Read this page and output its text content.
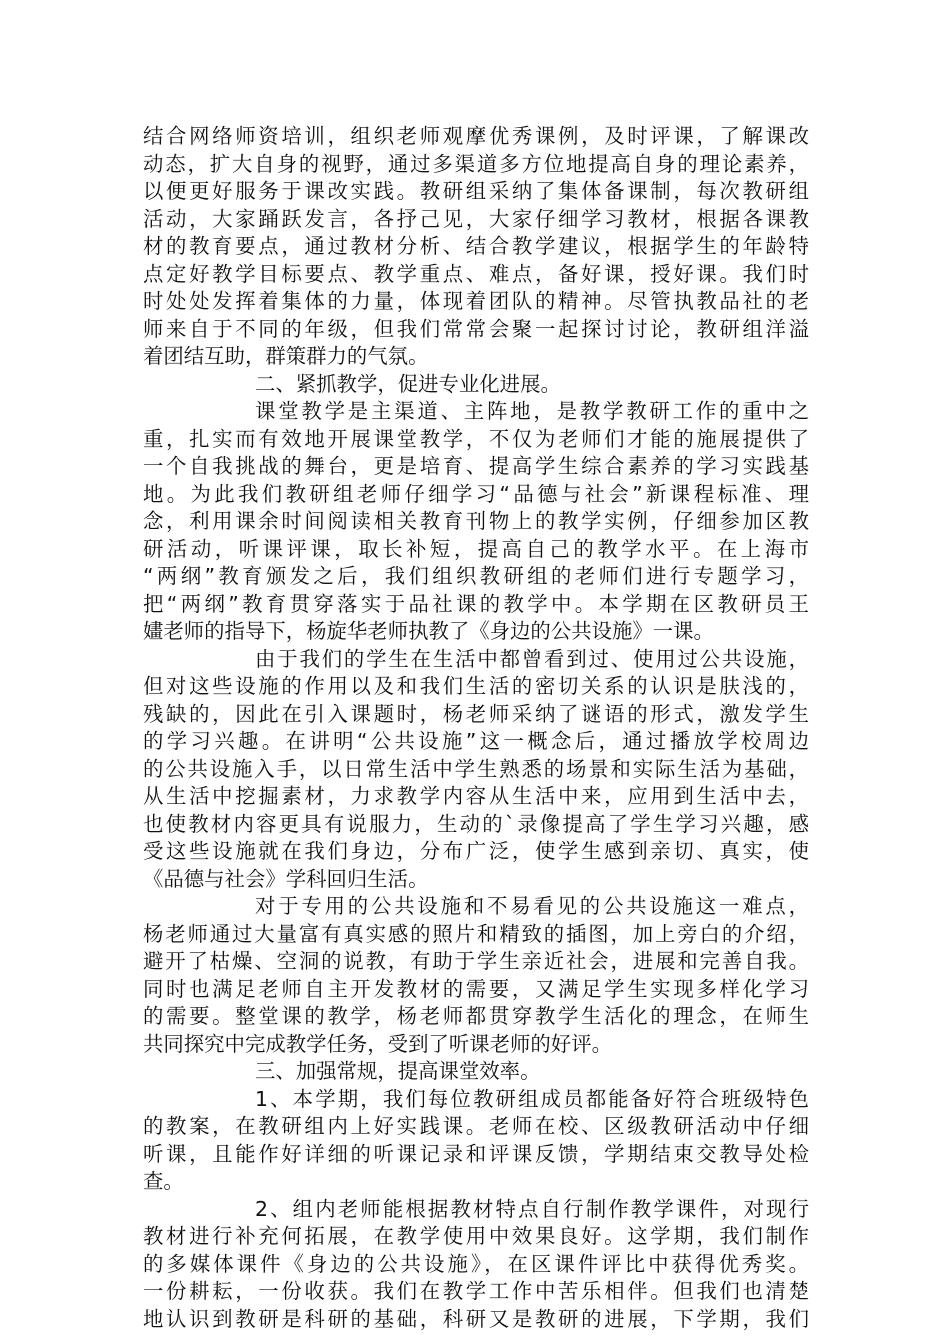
结合网络师资培训，组织老师观摩优秀课例，及时评课，了解课改
动态，扩大自身的视野，通过多渠道多方位地提高自身的理论素养，
以便更好服务于课改实践。教研组采纳了集体备课制，每次教研组
活动，大家踊跃发言，各抒己见，大家仔细学习教材，根据各课教
材的教育要点，通过教材分析、结合教学建议，根据学生的年龄特
点定好教学目标要点、教学重点、难点，备好课，授好课。我们时
时处处发挥着集体的力量，体现着团队的精神。尽管执教品社的老
师来自于不同的年级，但我们常常会聚一起探讨讨论，教研组洋溢
着团结互助，群策群力的气氛。
二、紧抓教学，促进专业化进展。
课堂教学是主渠道、主阵地，是教学教研工作的重中之
重，扎实而有效地开展课堂教学，不仅为老师们才能的施展提供了
一个自我挑战的舞台，更是培育、提高学生综合素养的学习实践基
地。为此我们教研组老师仔细学习“品德与社会”新课程标准、理
念，利用课余时间阅读相关教育刊物上的教学实例，仔细参加区教
研活动，听课评课，取长补短，提高自己的教学水平。在上海市
“两纲”教育颁发之后，我们组织教研组的老师们进行专题学习，
把“两纲”教育贯穿落实于品社课的教学中。本学期在区教研员王
嫿老师的指导下，杨旋华老师执教了《身边的公共设施》一课。
由于我们的学生在生活中都曾看到过、使用过公共设施，
但对这些设施的作用以及和我们生活的密切关系的认识是肤浅的，
残缺的，因此在引入课题时，杨老师采纳了谜语的形式，激发学生
的学习兴趣。在讲明“公共设施”这一概念后，通过播放学校周边
的公共设施入手，以日常生活中学生熟悉的场景和实际生活为基础，
从生活中挖掘素材，力求教学内容从生活中来，应用到生活中去，
也使教材内容更具有说服力，生动的`录像提高了学生学习兴趣，感
受这些设施就在我们身边，分布广泛，使学生感到亲切、真实，使
《品德与社会》学科回归生活。
对于专用的公共设施和不易看见的公共设施这一难点，
杨老师通过大量富有真实感的照片和精致的插图，加上旁白的介绍，
避开了枯燥、空洞的说教，有助于学生亲近社会，进展和完善自我。
同时也满足老师自主开发教材的需要，又满足学生实现多样化学习
的需要。整堂课的教学，杨老师都贯穿教学生活化的理念，在师生
共同探究中完成教学任务，受到了听课老师的好评。
三、加强常规，提高课堂效率。
1、本学期，我们每位教研组成员都能备好符合班级特色
的教案，在教研组内上好实践课。老师在校、区级教研活动中仔细
听课，且能作好详细的听课记录和评课反馈，学期结束交教导处检
查。
2、组内老师能根据教材特点自行制作教学课件，对现行
教材进行补充何拓展，在教学使用中效果良好。这学期，我们制作
的多媒体课件《身边的公共设施》，在区课件评比中获得优秀奖。
一份耕耘，一份收获。我们在教学工作中苦乐相伴。但我们也清楚
地认识到教研是科研的基础，科研又是教研的进展，下学期，我们
